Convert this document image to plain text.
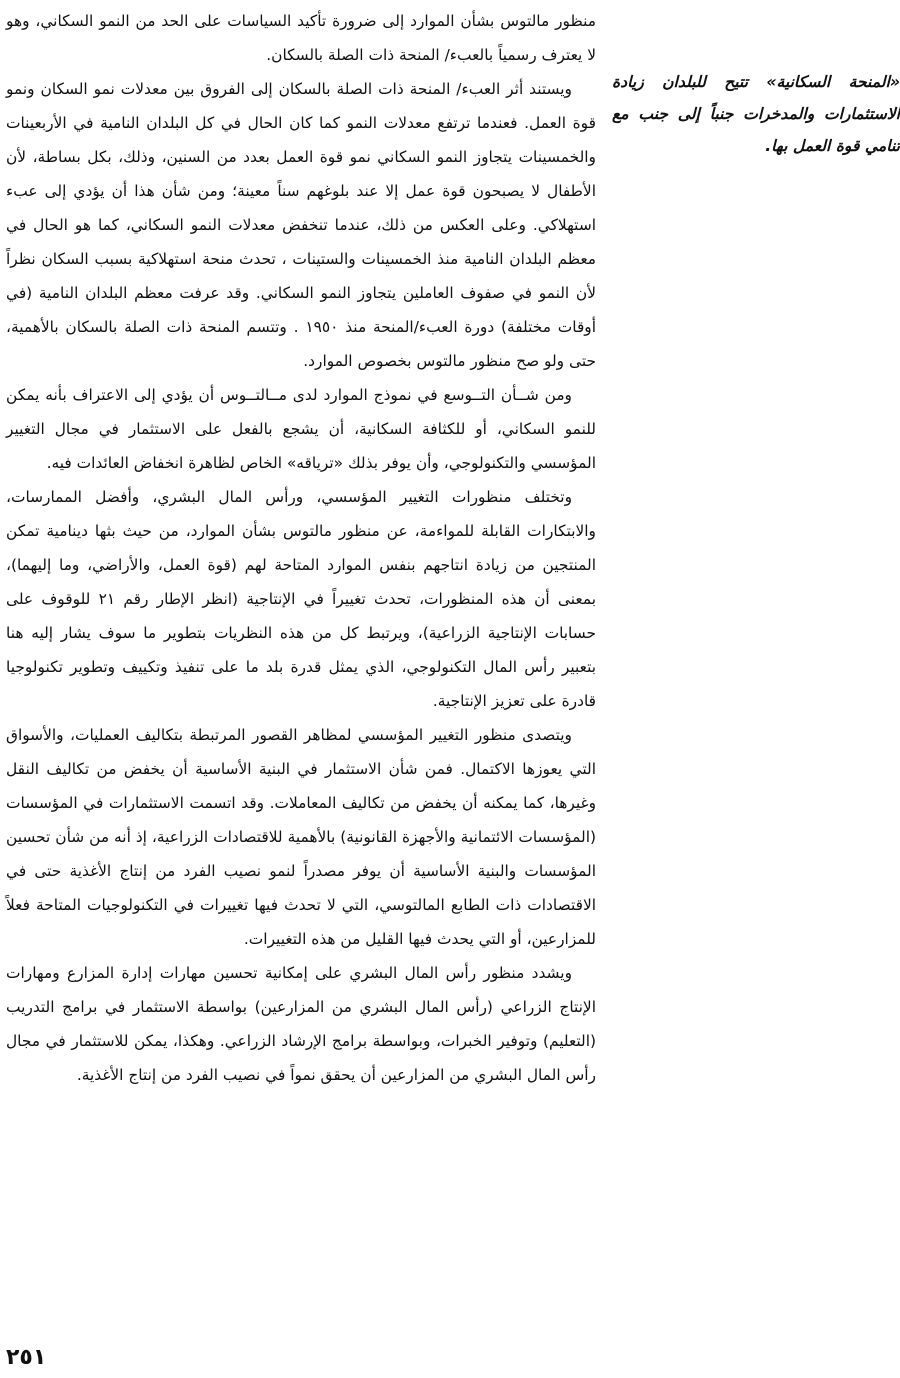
منظور مالتوس بشأن الموارد إلى ضرورة تأكيد السياسات على الحد من النمو السكاني، وهو لا يعترف رسمياً بالعبء/ المنحة ذات الصلة بالسكان.

ويستند أثر العبء/ المنحة ذات الصلة بالسكان إلى الفروق بين معدلات نمو السكان ونمو قوة العمل. فعندما ترتفع معدلات النمو كما كان الحال في كل البلدان النامية في الأربعينات والخمسينات يتجاوز النمو السكاني نمو قوة العمل بعدد من السنين، وذلك، بكل بساطة، لأن الأطفال لا يصبحون قوة عمل إلا عند بلوغهم سناً معينة؛ ومن شأن هذا أن يؤدي إلى عبء استهلاكي. وعلى العكس من ذلك، عندما تنخفض معدلات النمو السكاني، كما هو الحال في معظم البلدان النامية منذ الخمسينات والستينات ، تحدث منحة استهلاكية بسبب السكان نظراً لأن النمو في صفوف العاملين يتجاوز النمو السكاني. وقد عرفت معظم البلدان النامية (في أوقات مختلفة) دورة العبء/المنحة منذ ١٩٥٠ . وتتسم المنحة ذات الصلة بالسكان بالأهمية، حتى ولو صح منظور مالتوس بخصوص الموارد.

ومن شــأن التــوسع في نموذج الموارد لدى مــالتــوس أن يؤدي إلى الاعتراف بأنه يمكن للنمو السكاني، أو للكثافة السكانية، أن يشجع بالفعل على الاستثمار في مجال التغيير المؤسسي والتكنولوجي، وأن يوفر بذلك «ترياقه» الخاص لظاهرة انخفاض العائدات فيه.

وتختلف منظورات التغيير المؤسسي، ورأس المال البشري، وأفضل الممارسات، والابتكارات القابلة للمواءمة، عن منظور مالتوس بشأن الموارد، من حيث بثها دينامية تمكن المنتجين من زيادة انتاجهم بنفس الموارد المتاحة لهم (قوة العمل، والأراضي، وما إليهما)، بمعنى أن هذه المنظورات، تحدث تغييراً في الإنتاجية (انظر الإطار رقم ٢١ للوقوف على حسابات الإنتاجية الزراعية)، ويرتبط كل من هذه النظريات بتطوير ما سوف يشار إليه هنا بتعبير رأس المال التكنولوجي، الذي يمثل قدرة بلد ما على تنفيذ وتكييف وتطوير تكنولوجيا قادرة على تعزيز الإنتاجية.

ويتصدى منظور التغيير المؤسسي لمظاهر القصور المرتبطة بتكاليف العمليات، والأسواق التي يعوزها الاكتمال. فمن شأن الاستثمار في البنية الأساسية أن يخفض من تكاليف النقل وغيرها، كما يمكنه أن يخفض من تكاليف المعاملات. وقد اتسمت الاستثمارات في المؤسسات (المؤسسات الائتمانية والأجهزة القانونية) بالأهمية للاقتصادات الزراعية، إذ أنه من شأن تحسين المؤسسات والبنية الأساسية أن يوفر مصدراً لنمو نصيب الفرد من إنتاج الأغذية حتى في الاقتصادات ذات الطابع المالتوسي، التي لا تحدث فيها تغييرات في التكنولوجيات المتاحة فعلاً للمزارعين، أو التي يحدث فيها القليل من هذه التغييرات.

ويشدد منظور رأس المال البشري على إمكانية تحسين مهارات إدارة المزارع ومهارات الإنتاج الزراعي (رأس المال البشري من المزارعين) بواسطة الاستثمار في برامج التدريب (التعليم) وتوفير الخبرات، وبواسطة برامج الإرشاد الزراعي. وهكذا، يمكن للاستثمار في مجال رأس المال البشري من المزارعين أن يحقق نمواً في نصيب الفرد من إنتاج الأغذية.

«المنحة السكانية» تتيح للبلدان زيادة الاستثمارات والمدخرات جنباً إلى جنب مع تنامي قوة العمل بها.
٢٥١
